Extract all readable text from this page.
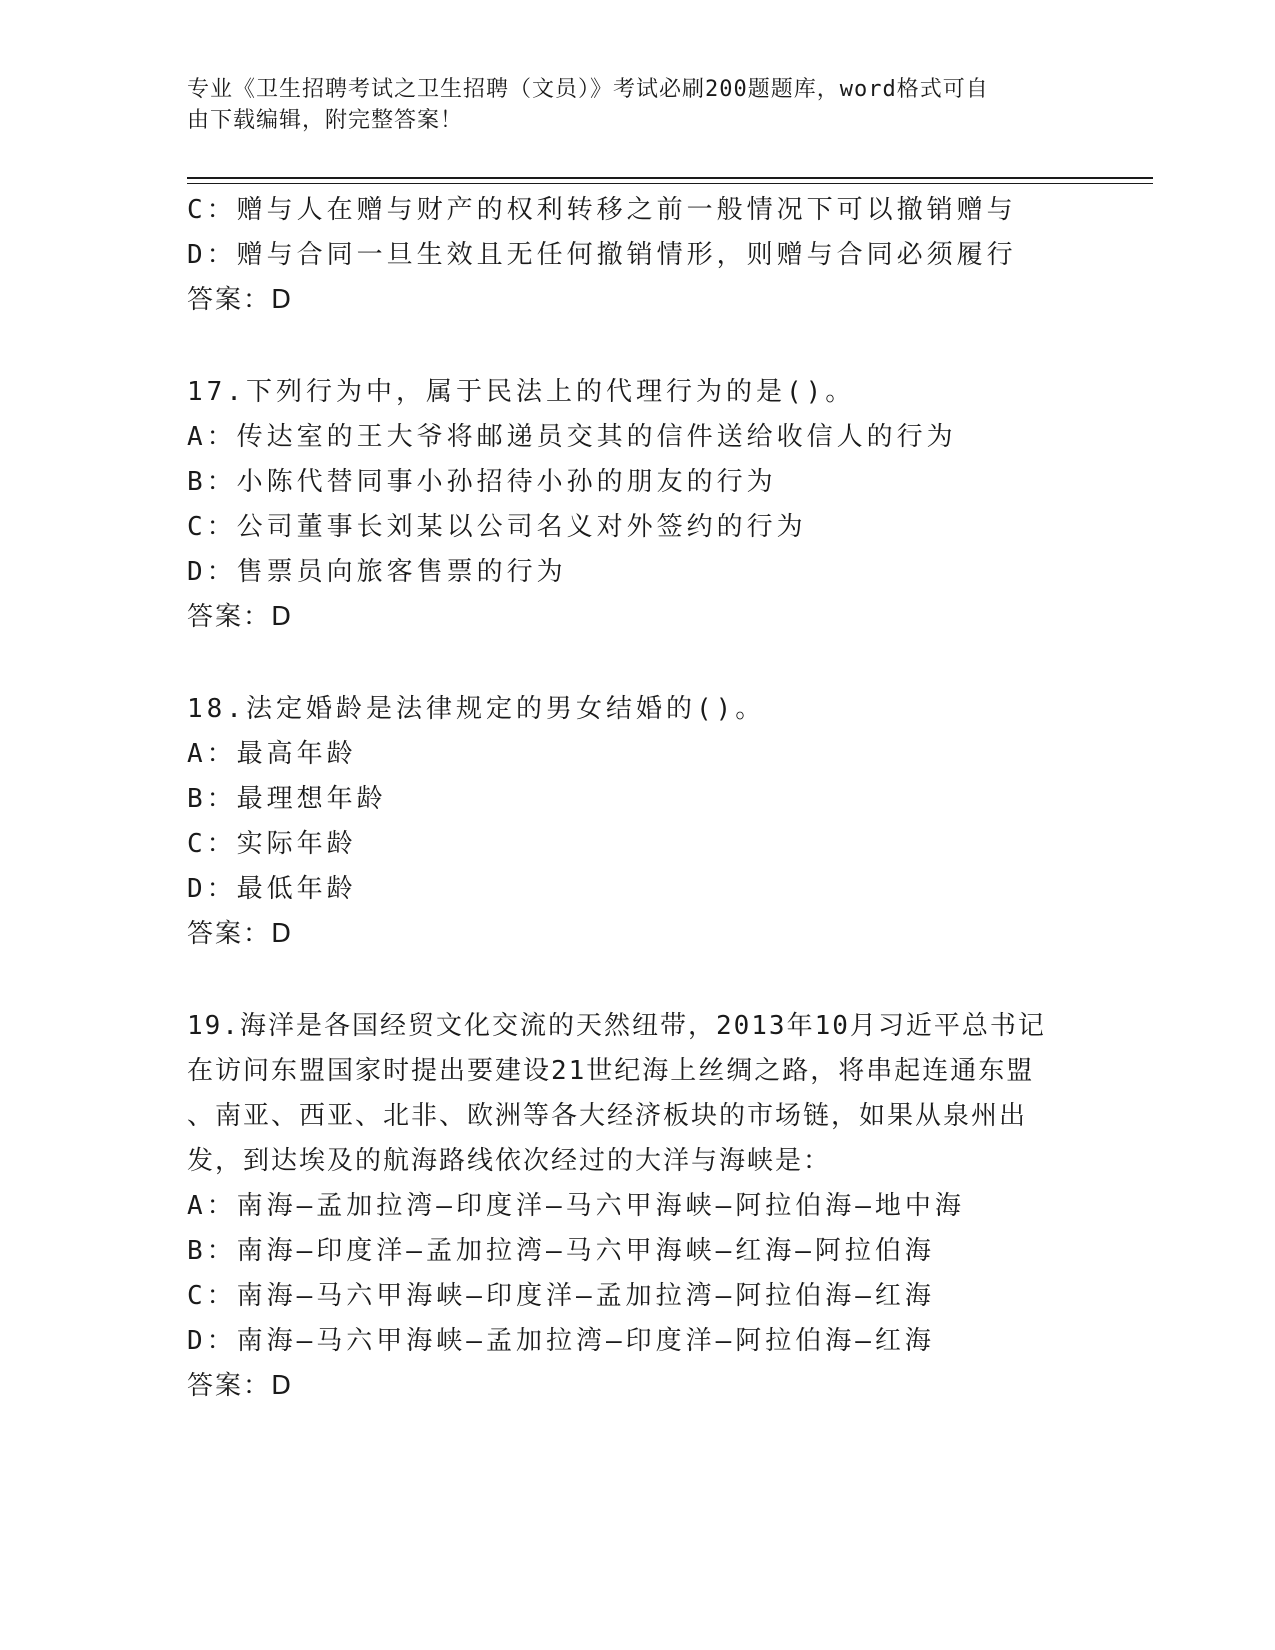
专业《卫生招聘考试之卫生招聘（文员）》考试必刷200题题库，word格式可自
由下载编辑，附完整答案！
C：赠与人在赠与财产的权利转移之前一般情况下可以撤销赠与
D：赠与合同一旦生效且无任何撤销情形，则赠与合同必须履行
答案：D
17.下列行为中，属于民法上的代理行为的是()。
A：传达室的王大爷将邮递员交其的信件送给收信人的行为
B：小陈代替同事小孙招待小孙的朋友的行为
C：公司董事长刘某以公司名义对外签约的行为
D：售票员向旅客售票的行为
答案：D
18.法定婚龄是法律规定的男女结婚的()。
A：最高年龄
B：最理想年龄
C：实际年龄
D：最低年龄
答案：D
19.海洋是各国经贸文化交流的天然纽带，2013年10月习近平总书记
在访问东盟国家时提出要建设21世纪海上丝绸之路，将串起连通东盟
、南亚、西亚、北非、欧洲等各大经济板块的市场链，如果从泉州出
发，到达埃及的航海路线依次经过的大洋与海峡是：
A：南海—孟加拉湾—印度洋—马六甲海峡—阿拉伯海—地中海
B：南海—印度洋—孟加拉湾—马六甲海峡—红海—阿拉伯海
C：南海—马六甲海峡—印度洋—孟加拉湾—阿拉伯海—红海
D：南海—马六甲海峡—孟加拉湾—印度洋—阿拉伯海—红海
答案：D
